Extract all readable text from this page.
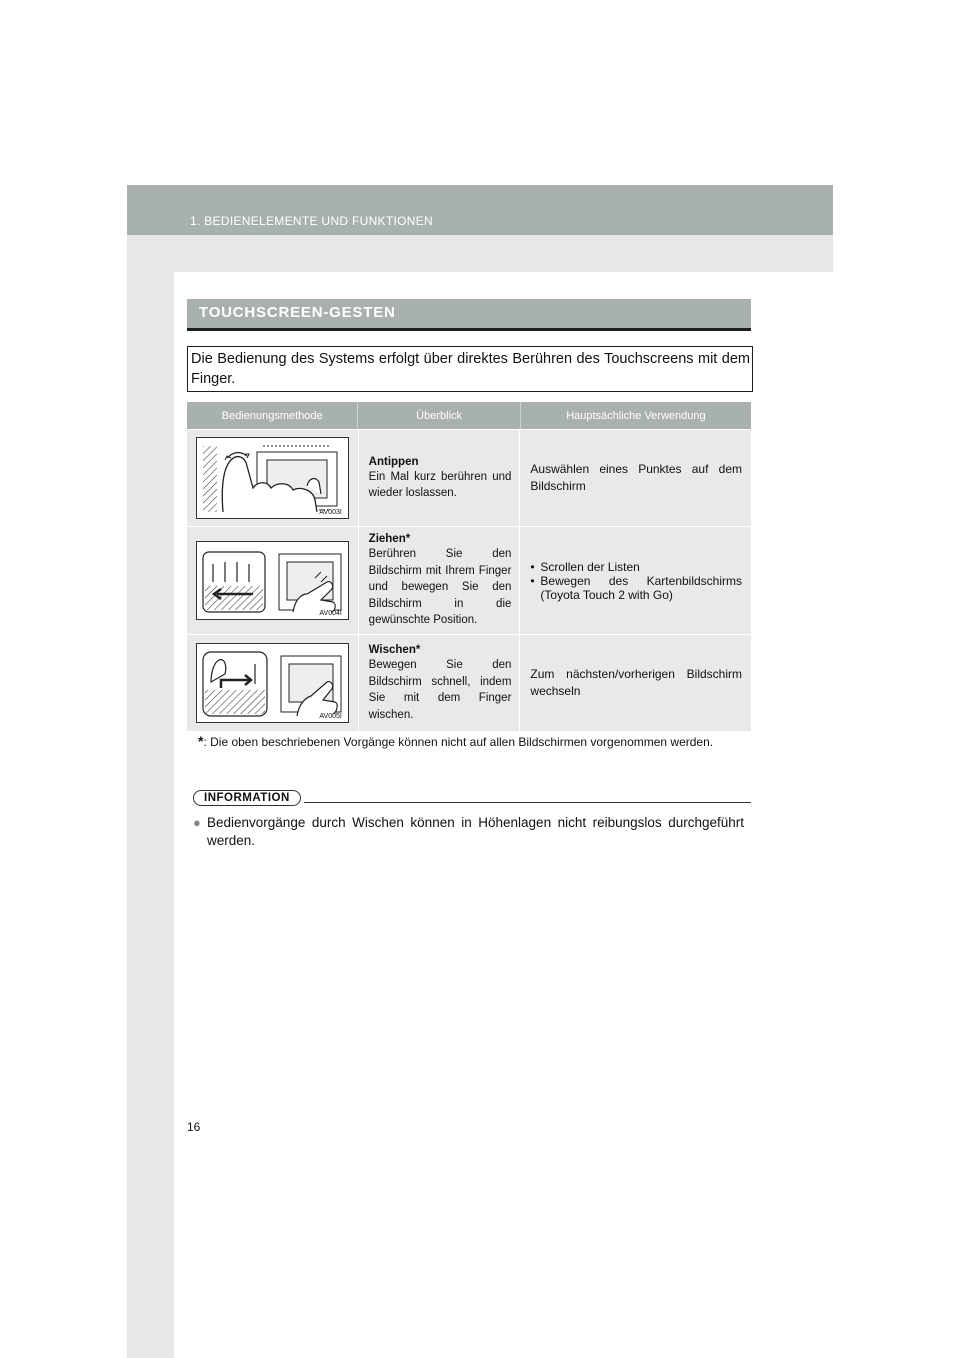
1. BEDIENELEMENTE UND FUNKTIONEN
TOUCHSCREEN-GESTEN
Die Bedienung des Systems erfolgt über direktes Berühren des Touchscreens mit dem Finger.
Bedienungsmethode	Überblick	Hauptsächliche Verwendung
AV003I
Antippen
Ein Mal kurz berühren und wieder loslassen.
Auswählen eines Punktes auf dem Bildschirm
AV004I
Ziehen*
Berühren Sie den Bildschirm mit Ihrem Finger und bewegen Sie den Bildschirm in die gewünschte Position.
• Scrollen der Listen
• Bewegen des Kartenbildschirms (Toyota Touch 2 with Go)
AV005I
Wischen*
Bewegen Sie den Bildschirm schnell, indem Sie mit dem Finger wischen.
Zum nächsten/vorherigen Bildschirm wechseln
*: Die oben beschriebenen Vorgänge können nicht auf allen Bildschirmen vorgenommen werden.
INFORMATION
● Bedienvorgänge durch Wischen können in Höhenlagen nicht reibungslos durchgeführt werden.
16
